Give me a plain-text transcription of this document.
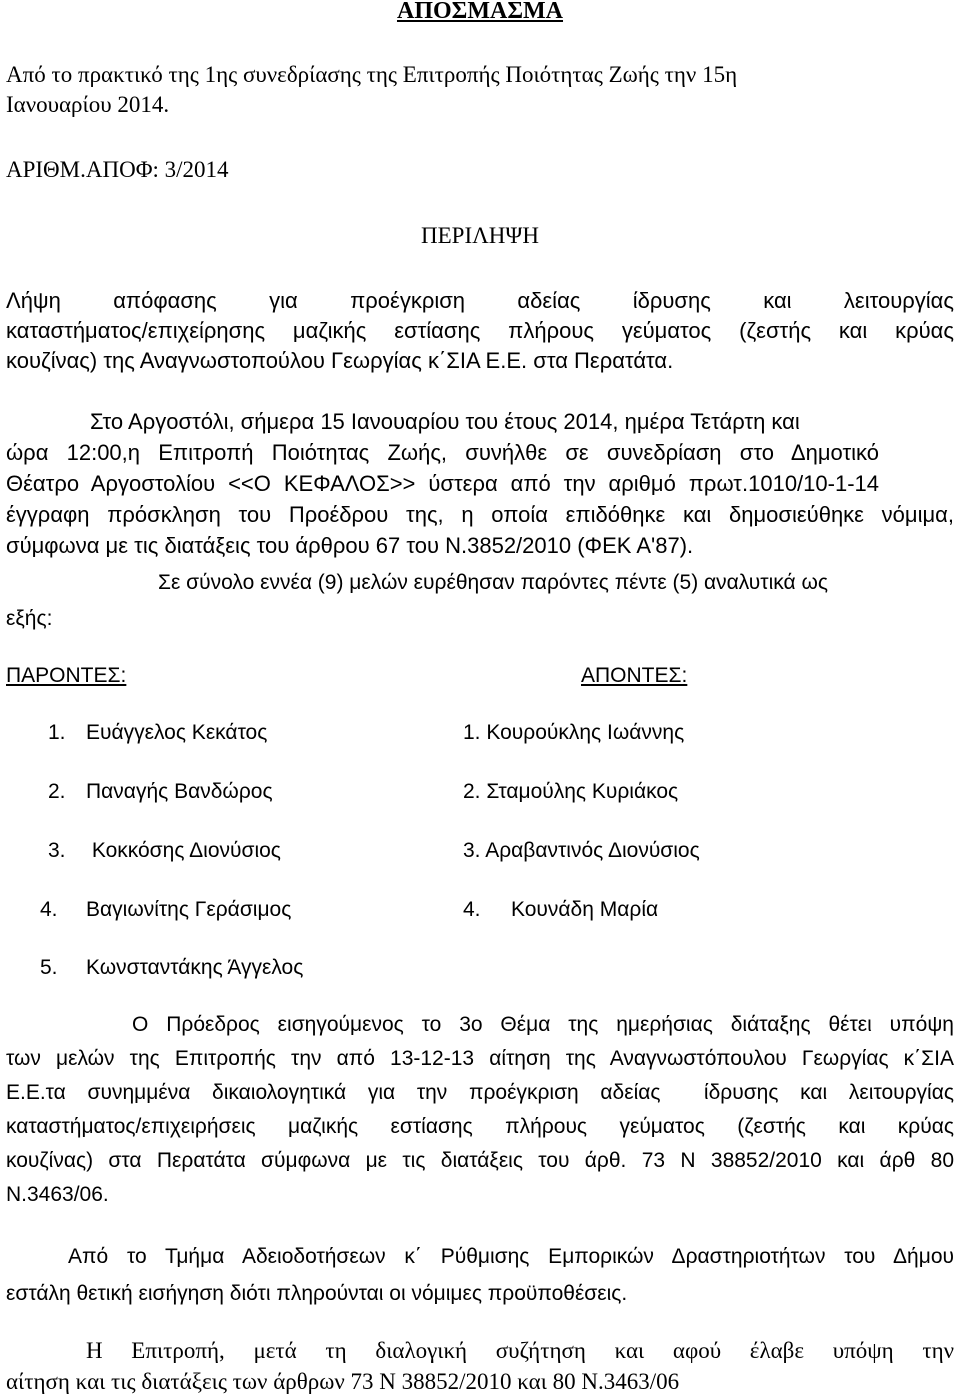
ΑΠΟΣΜΑΣΜΑ
Από το πρακτικό της 1ης συνεδρίασης της Επιτροπής Ποιότητας Ζωής την 15η
Ιανουαρίου 2014.
ΑΡΙΘΜ.ΑΠΟΦ: 3/2014
ΠΕΡΙΛΗΨΗ
Λήψη απόφασης για προέγκριση αδείας ίδρυσης και λειτουργίας
καταστήματος/επιχείρησης μαζικής εστίασης πλήρους γεύματος (ζεστής και κρύας
κουζίνας) της Αναγνωστοπούλου Γεωργίας κ΄ΣΙΑ Ε.Ε. στα Περατάτα.
Στο Αργοστόλι, σήμερα 15 Ιανουαρίου του έτους 2014, ημέρα Τετάρτη και
ώρα 12:00,η Επιτροπή Ποιότητας Ζωής, συνήλθε σε συνεδρίαση στο Δημοτικό
Θέατρο Αργοστολίου <<Ο ΚΕΦΑΛΟΣ>> ύστερα από την αριθμό πρωτ.1010/10-1-14
έγγραφη πρόσκληση του Προέδρου της, η οποία επιδόθηκε και δημοσιεύθηκε νόμιμα,
σύμφωνα με τις διατάξεις του άρθρου 67 του Ν.3852/2010 (ΦΕΚ Α'87).
Σε σύνολο εννέα (9) μελών ευρέθησαν παρόντες πέντε (5) αναλυτικά ως
εξής:
ΠΑΡΟΝΤΕΣ:
1. Ευάγγελος Κεκάτος
2. Παναγής Βανδώρος
3. Κοκκόσης Διονύσιος
4. Βαγιωνίτης Γεράσιμος
5. Κωνσταντάκης Άγγελος
ΑΠΟΝΤΕΣ:
1. Κουρούκλης Ιωάννης
2. Σταμούλης Κυριάκος
3. Αραβαντινός Διονύσιος
4. Κουνάδη Μαρία
Ο Πρόεδρος εισηγούμενος το 3ο Θέμα της ημερήσιας διάταξης θέτει υπόψη
των μελών της Επιτροπής την από 13-12-13 αίτηση της Αναγνωστόπουλου Γεωργίας κ΄ΣΙΑ
Ε.Ε.τα συνημμένα δικαιολογητικά για την προέγκριση αδείας  ίδρυσης και λειτουργίας
καταστήματος/επιχειρήσεις μαζικής εστίασης πλήρους γεύματος (ζεστής και κρύας
κουζίνας) στα Περατάτα σύμφωνα με τις διατάξεις του άρθ. 73 Ν 38852/2010 και άρθ 80
Ν.3463/06.
Από το Τμήμα Αδειοδοτήσεων κ΄ Ρύθμισης Εμπορικών Δραστηριοτήτων του Δήμου
εστάλη θετική εισήγηση διότι πληρούνται οι νόμιμες προϋποθέσεις.
Η Επιτροπή, μετά τη διαλογική συζήτηση και αφού έλαβε υπόψη την
αίτηση και τις διατάξεις των άρθρων 73 Ν 38852/2010 και 80 Ν.3463/06
